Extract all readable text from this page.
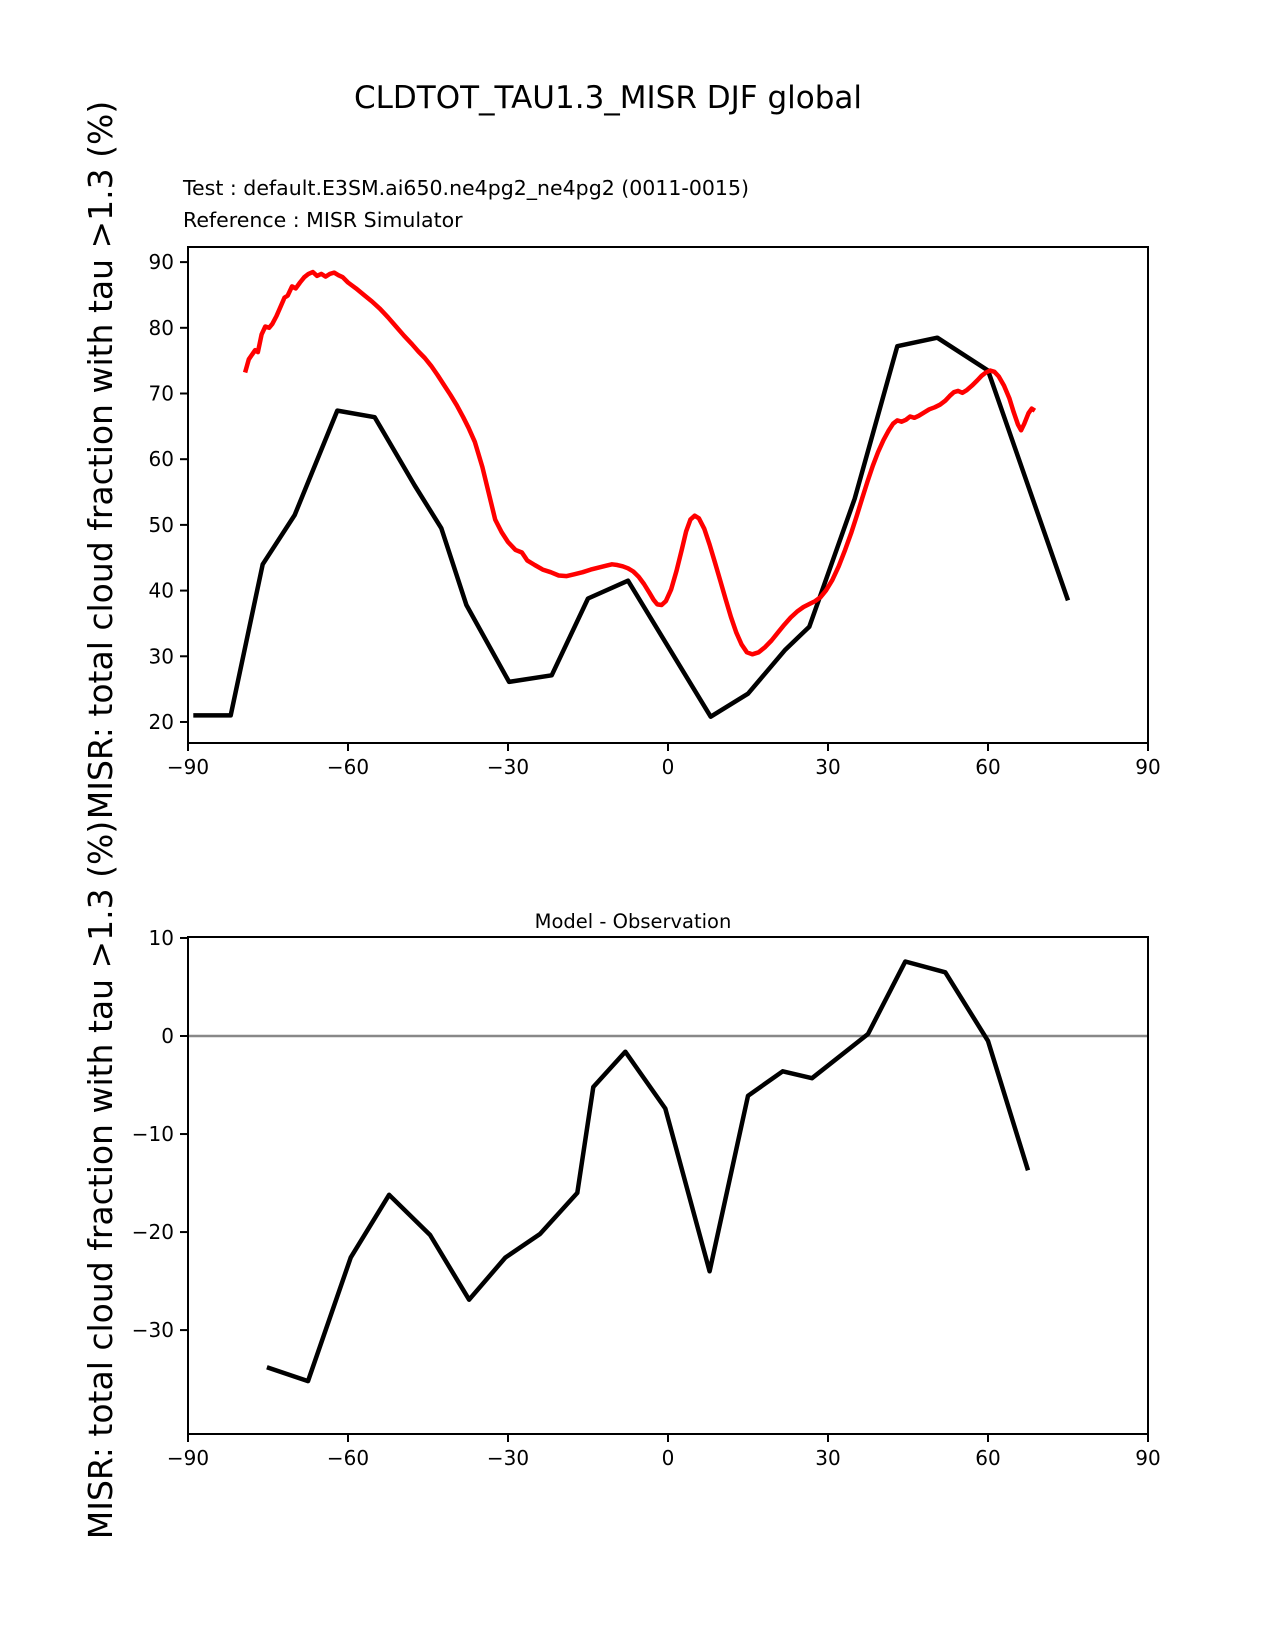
CLDTOT_TAU1.3_MISR DJF global
Test : default.E3SM.ai650.ne4pg2_ne4pg2 (0011-0015)
Reference : MISR Simulator
MISR: total cloud fraction with tau >1.3 (%) −90	−60	−30	0	30	60	90
20
30
40
50
60
70
80
90
Model - Observation
MISR: total cloud fraction with tau >1.3 (%) −90	−60	−30	0	30	60	90
10
0
−10
−20
−30
